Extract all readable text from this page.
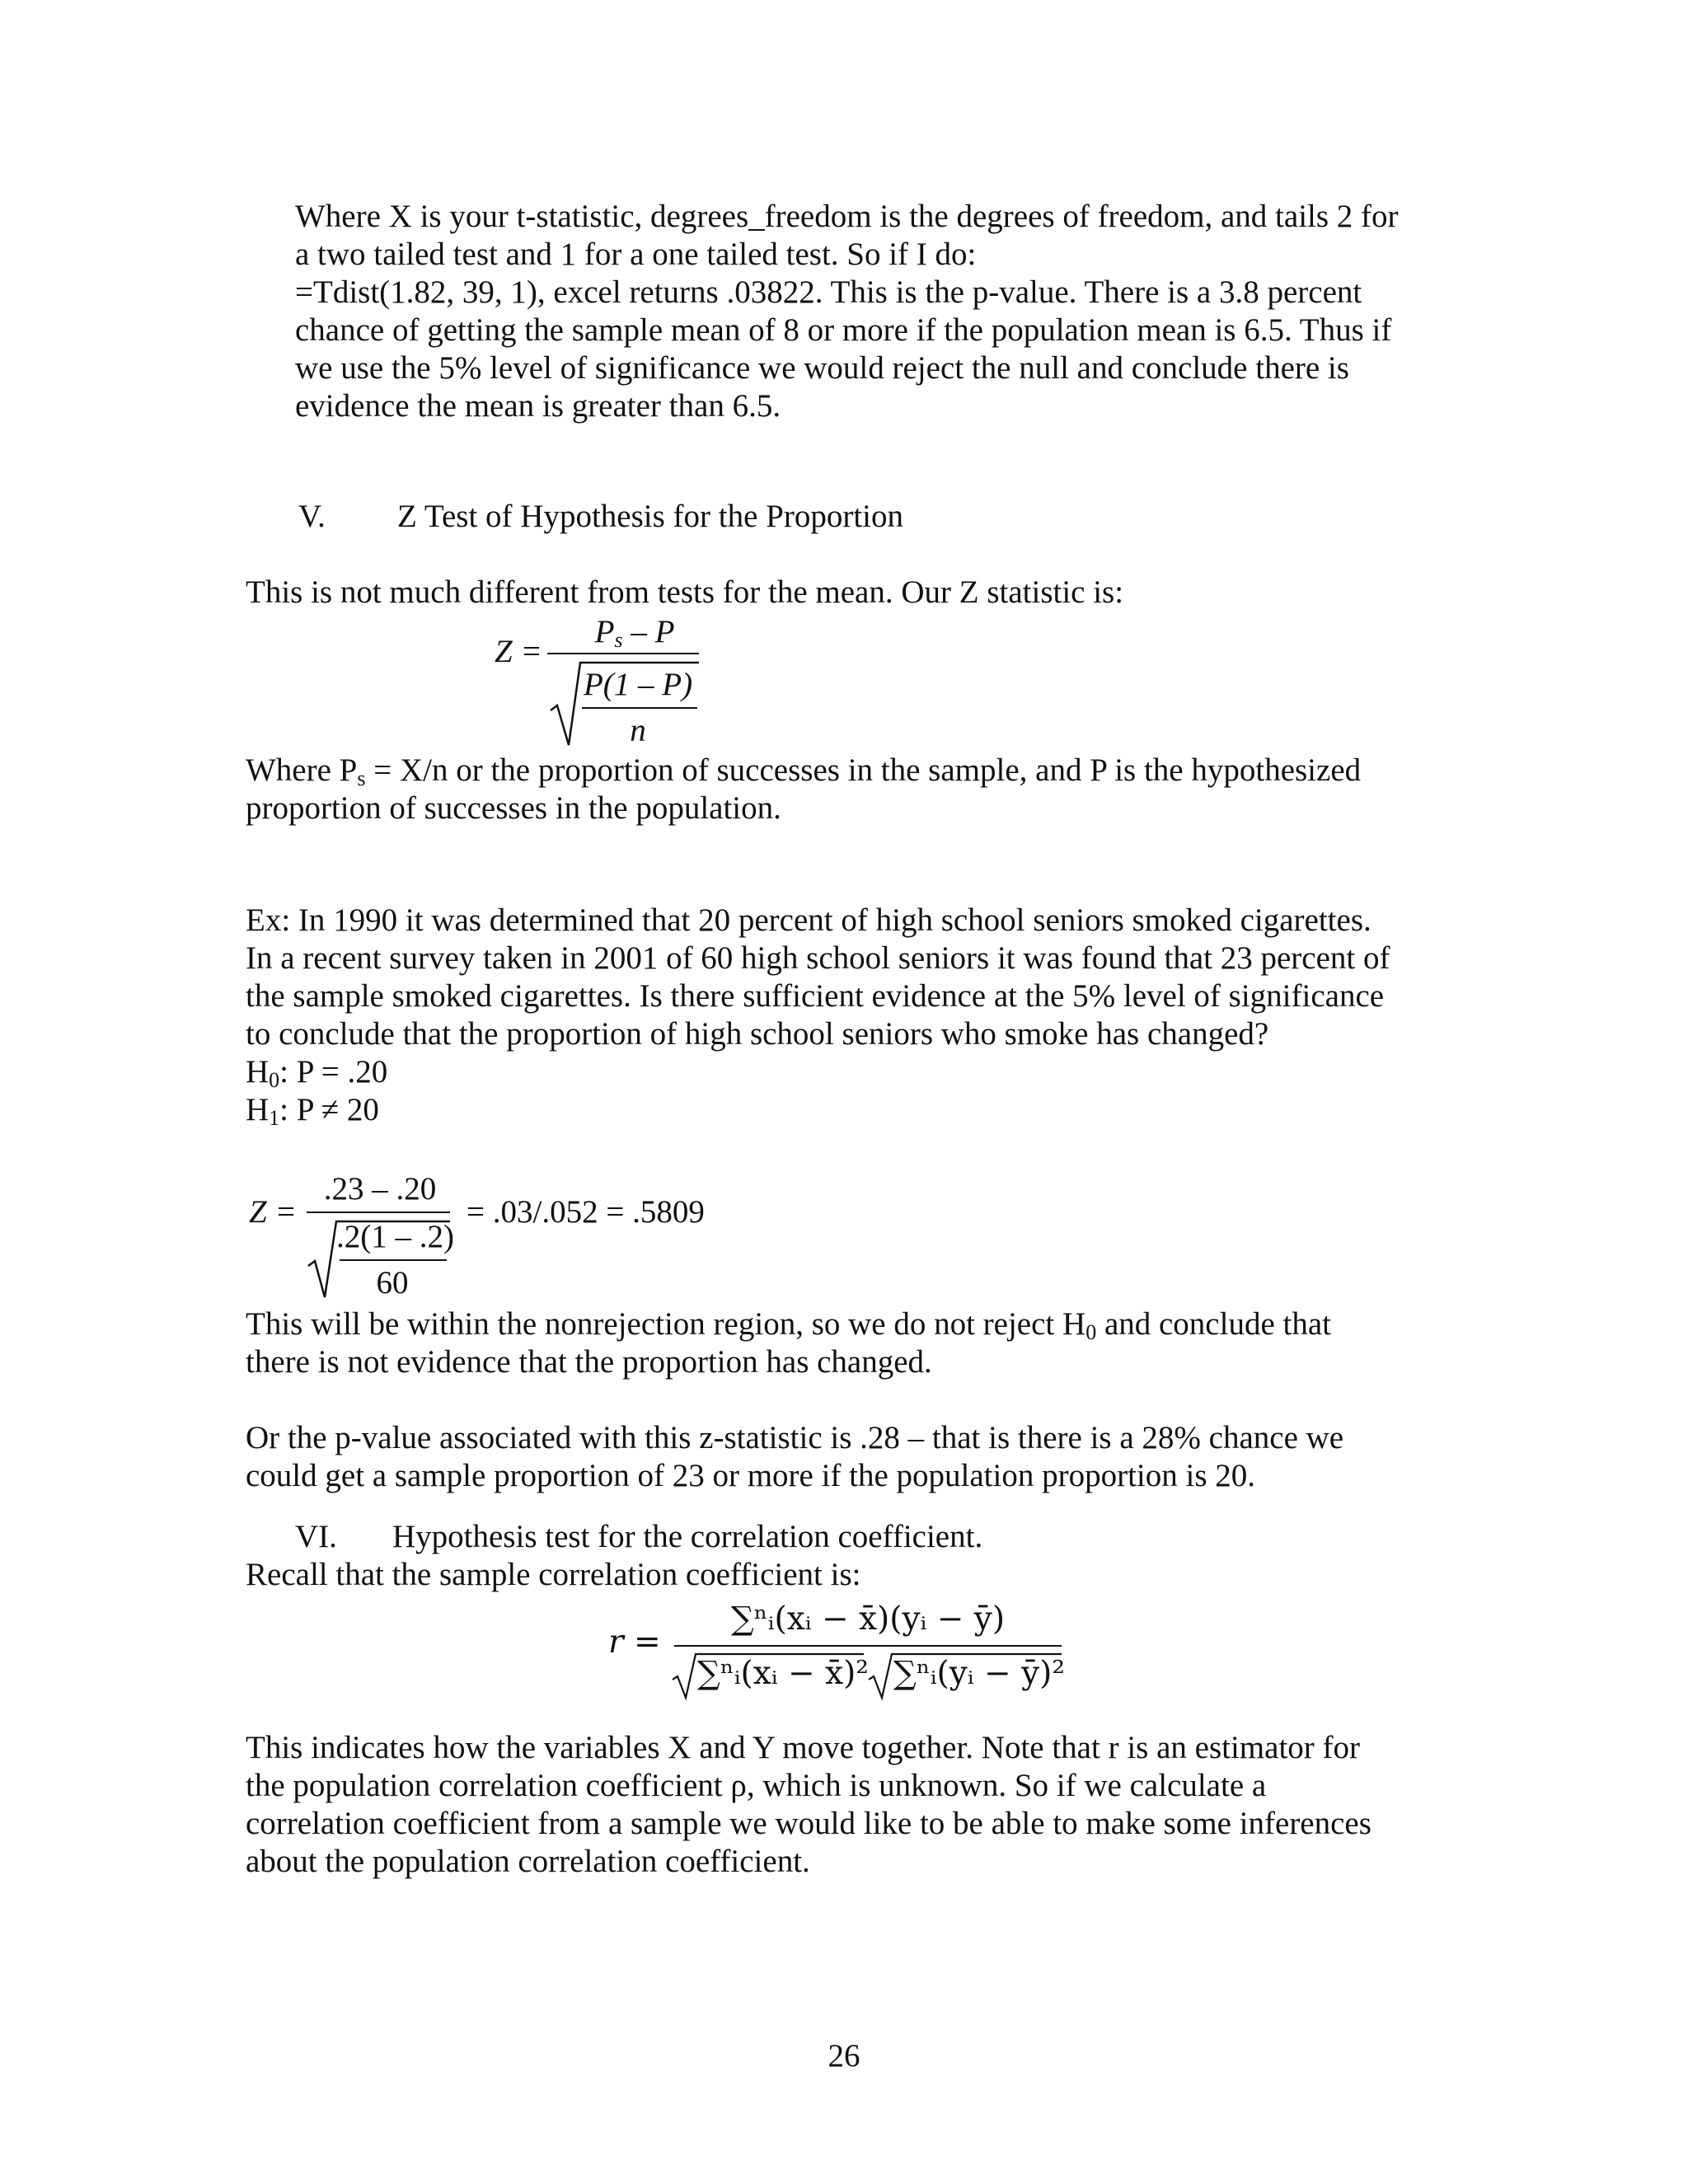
Where X is your t-statistic, degrees_freedom is the degrees of freedom, and tails 2 for
a two tailed test and 1 for a one tailed test. So if I do:
=Tdist(1.82, 39, 1), excel returns .03822. This is the p-value. There is a 3.8 percent
chance of getting the sample mean of 8 or more if the population mean is 6.5. Thus if
we use the 5% level of significance we would reject the null and conclude there is
evidence the mean is greater than 6.5.
V. Z Test of Hypothesis for the Proportion
This is not much different from tests for the mean. Our Z statistic is:
Z =
$P_s$ – P
P(1 – P)
n
Where $P_s = X/n$ or the proportion of successes in the sample, and P is the hypothesized
proportion of successes in the population.
Ex: In 1990 it was determined that 20 percent of high school seniors smoked cigarettes.
In a recent survey taken in 2001 of 60 high school seniors it was found that 23 percent of
the sample smoked cigarettes. Is there sufficient evidence at the 5% level of significance
to conclude that the proportion of high school seniors who smoke has changed?
$H_0$: P = .20
$H_1$: P ≠ 20
Z =
.23 – .20
.2(1 – .2)
60
= .03/.052 = .5809
This will be within the nonrejection region, so we do not reject $H_0$ and conclude that
there is not evidence that the proportion has changed.
Or the p-value associated with this z-statistic is .28 – that is there is a 28% chance we
could get a sample proportion of 23 or more if the population proportion is 20.
VI. Hypothesis test for the correlation coefficient.
Recall that the sample correlation coefficient is:
r =
∑ⁿᵢ(xᵢ − x̄)(yᵢ − ȳ)
∑ⁿᵢ(xᵢ − x̄)² ∑ⁿᵢ(yᵢ − ȳ)²
This indicates how the variables X and Y move together. Note that r is an estimator for
the population correlation coefficient ρ, which is unknown. So if we calculate a
correlation coefficient from a sample we would like to be able to make some inferences
about the population correlation coefficient.
26
